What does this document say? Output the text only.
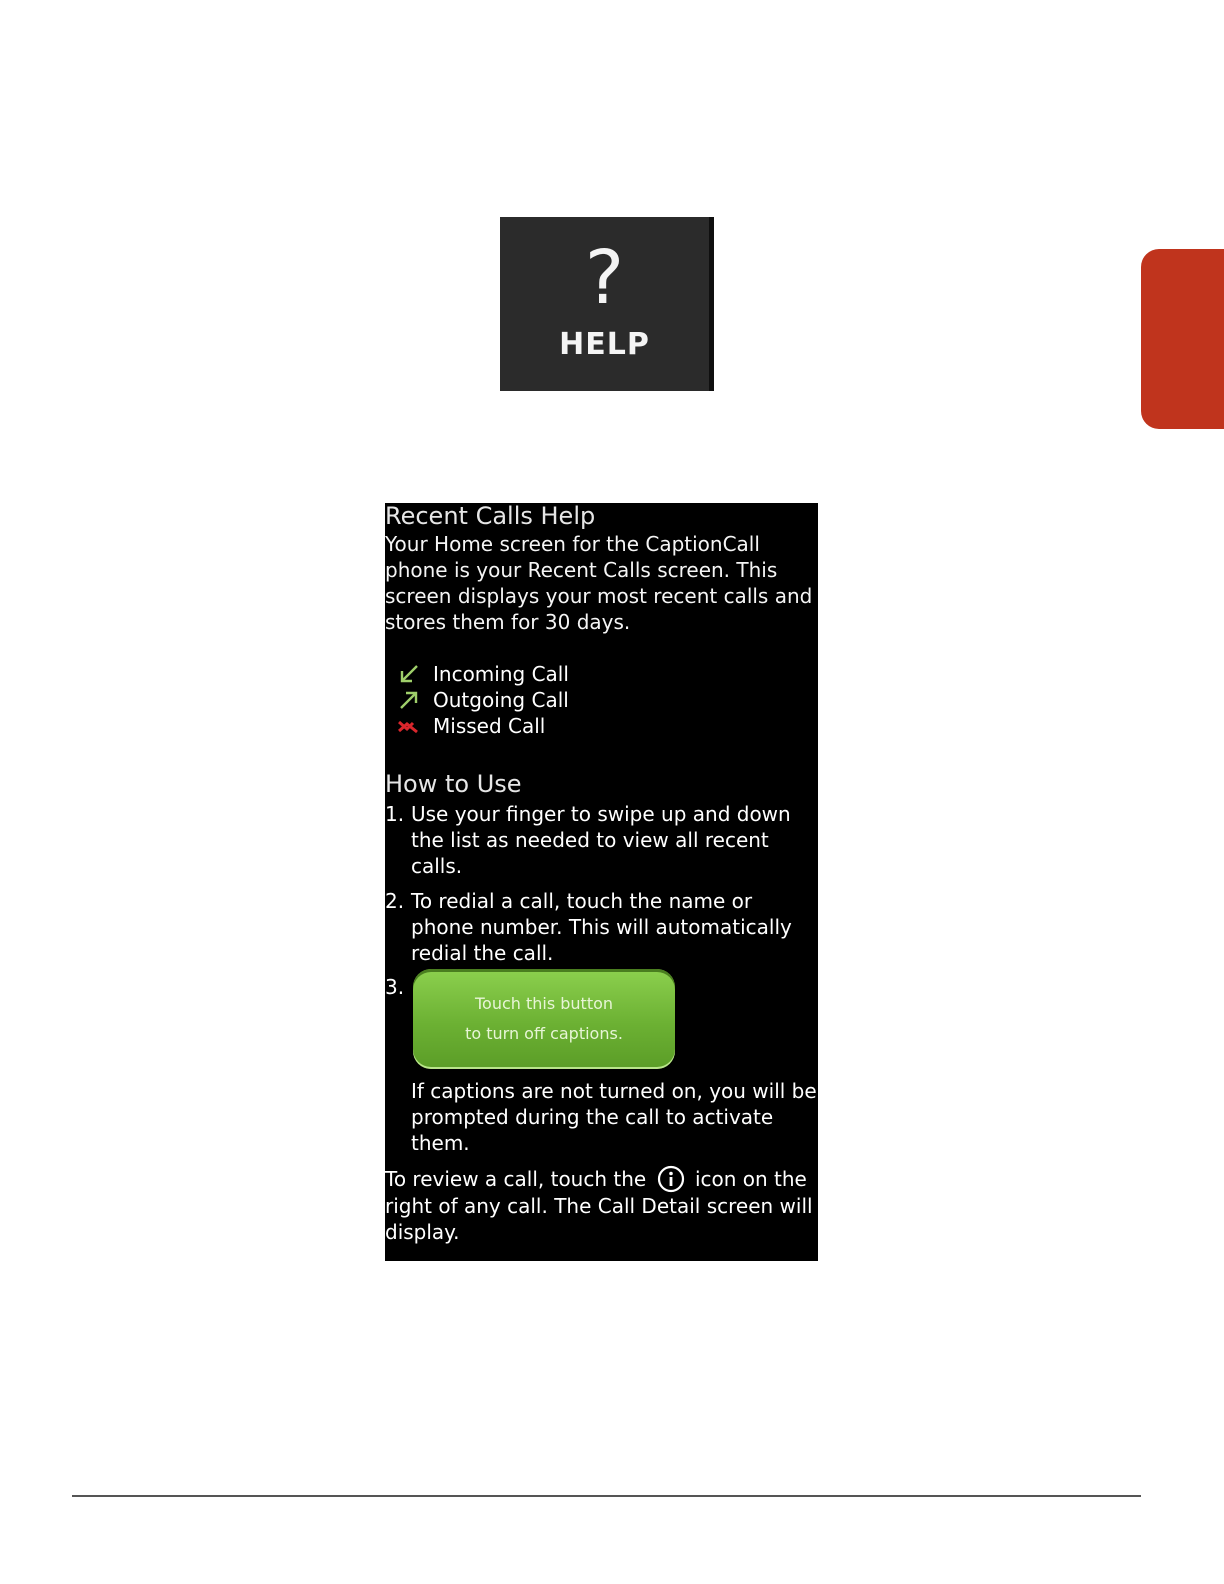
?
HELP
Recent Calls Help
Your Home screen for the CaptionCall phone is your Recent Calls screen. This screen displays your most recent calls and stores them for 30 days.
Incoming Call
Outgoing Call
Missed Call
How to Use
1. Use your finger to swipe up and down the list as needed to view all recent calls.
2. To redial a call, touch the name or phone number. This will automatically redial the call.
3.
Touch this button
to turn off captions.
If captions are not turned on, you will be prompted during the call to activate them.
To review a call, touch the icon on the right of any call. The Call Detail screen will display.
